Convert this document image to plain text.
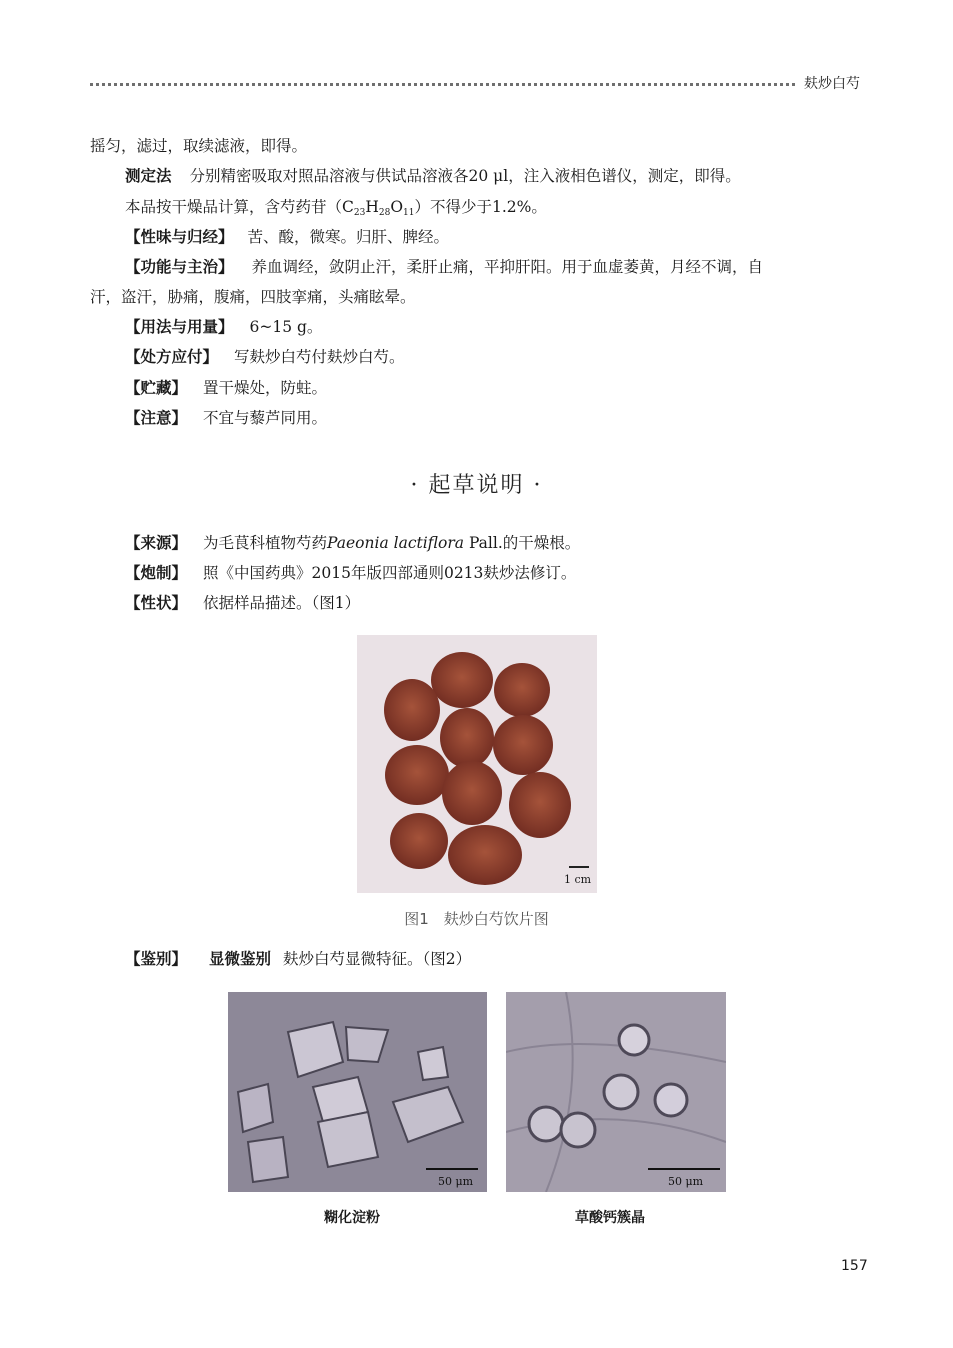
麸炒白芍
摇匀，滤过，取续滤液，即得。
测定法 分别精密吸取对照品溶液与供试品溶液各20 μl，注入液相色谱仪，测定，即得。
本品按干燥品计算，含芍药苷$(C_{23}H_{28}O_{11})$不得少于1.2%。
【性味与归经】 苦、酸，微寒。归肝、脾经。
【功能与主治】 养血调经，敛阴止汗，柔肝止痛，平抑肝阳。用于血虚萎黄，月经不调，自
汗，盗汗，胁痛，腹痛，四肢挛痛，头痛眩晕。
【用法与用量】 6~15 g。
【处方应付】 写麸炒白芍付麸炒白芍。
【贮藏】 置干燥处，防蛀。
【注意】 不宜与藜芦同用。
· 起草说明 ·
【来源】 为毛茛科植物芍药Paeonia lactiflora Pall.的干燥根。
【炮制】 照《中国药典》2015年版四部通则0213麸炒法修订。
【性状】 依据样品描述。（图1）
1 cm
图1　麸炒白芍饮片图
【鉴别】 显微鉴别 麸炒白芍显微特征。（图2）
50 μm	50 μm
糊化淀粉	草酸钙簇晶
157
